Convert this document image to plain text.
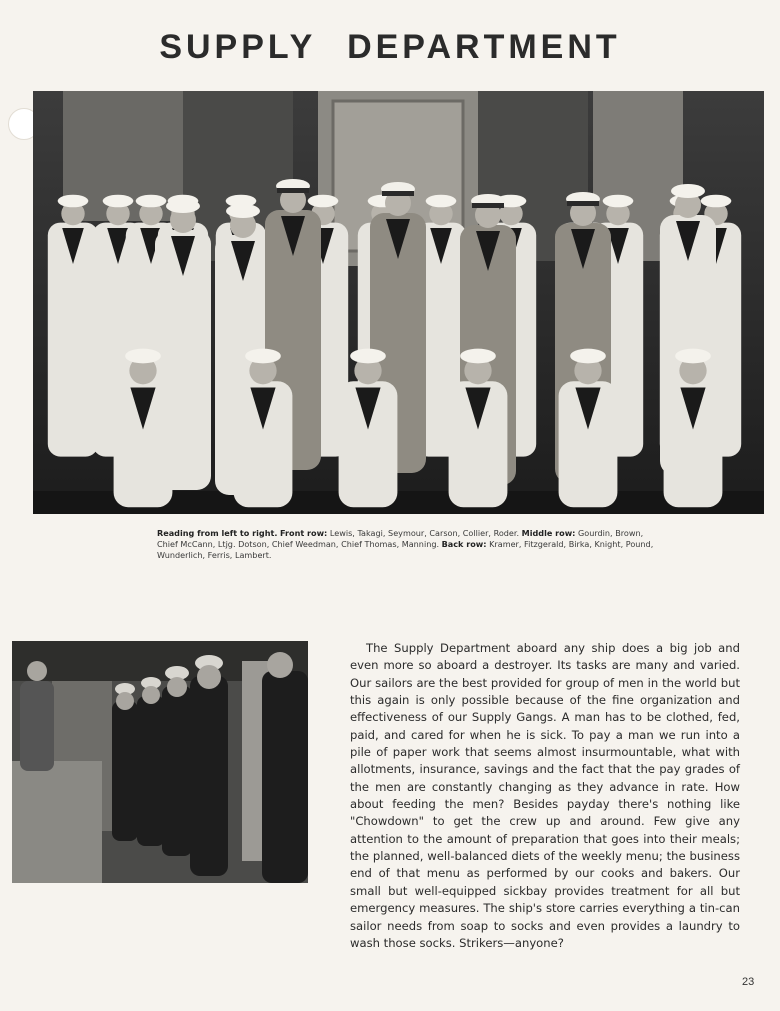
SUPPLY DEPARTMENT
Reading from left to right. Front row: Lewis, Takagi, Seymour, Carson, Collier, Roder. Middle row: Gourdin, Brown, Chief McCann, Ltjg. Dotson, Chief Weedman, Chief Thomas, Manning. Back row: Kramer, Fitzgerald, Birka, Knight, Pound, Wunderlich, Ferris, Lambert.

The Supply Department aboard any ship does a big job and even more so aboard a destroyer. Its tasks are many and varied. Our sailors are the best provided for group of men in the world but this again is only possible because of the fine organization and effectiveness of our Supply Gangs. A man has to be clothed, fed, paid, and cared for when he is sick. To pay a man we run into a pile of paper work that seems almost insurmountable, what with allotments, insurance, savings and the fact that the pay grades of the men are constantly changing as they advance in rate. How about feeding the men? Besides payday there's nothing like "Chowdown" to get the crew up and around. Few give any attention to the amount of preparation that goes into their meals; the planned, well-balanced diets of the weekly menu; the business end of that menu as performed by our cooks and bakers. Our small but well-equipped sickbay provides treatment for all but emergency measures. The ship's store carries everything a tin-can sailor needs from soap to socks and even provides a laundry to wash those socks. Strikers—anyone?

23
